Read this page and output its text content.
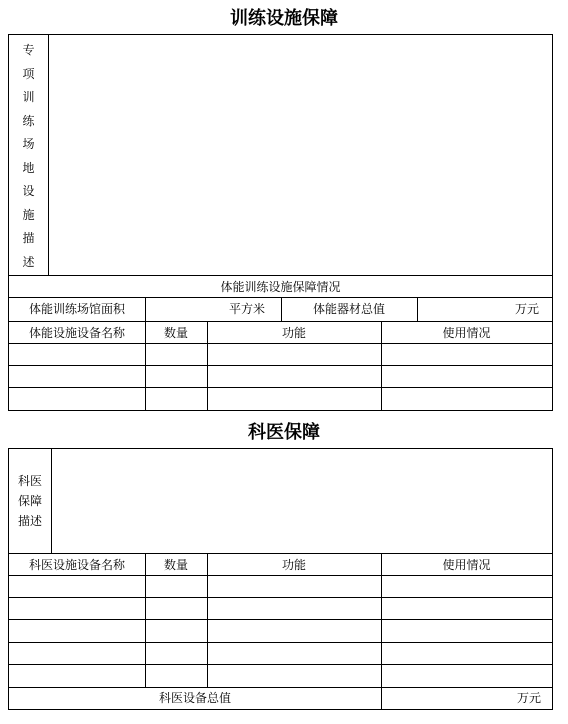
训练设施保障
专
项
训
练
场
地
设
施
描
述
体能训练设施保障情况
体能训练场馆面积	平方米	体能器材总值	万元
体能设施设备名称	数量	功能	使用情况
科医保障
科医
保障
描述
科医设施设备名称	数量	功能	使用情况
科医设备总值	万元
